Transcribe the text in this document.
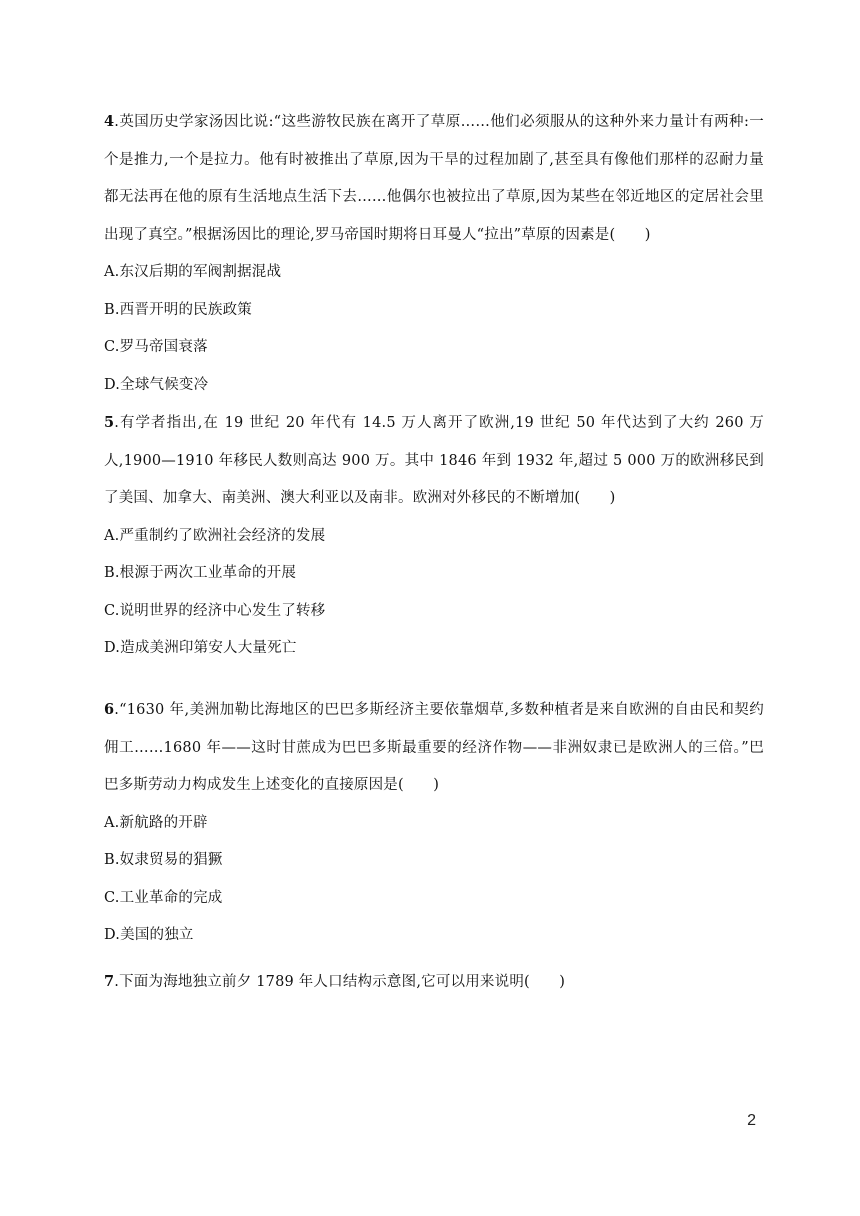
4.英国历史学家汤因比说:“这些游牧民族在离开了草原……他们必须服从的这种外来力量计有两种:一个是推力,一个是拉力。他有时被推出了草原,因为干旱的过程加剧了,甚至具有像他们那样的忍耐力量都无法再在他的原有生活地点生活下去……他偶尔也被拉出了草原,因为某些在邻近地区的定居社会里出现了真空。”根据汤因比的理论,罗马帝国时期将日耳曼人“拉出”草原的因素是(　　)

A.东汉后期的军阀割据混战
B.西晋开明的民族政策
C.罗马帝国衰落
D.全球气候变冷

5.有学者指出,在 19 世纪 20 年代有 14.5 万人离开了欧洲,19 世纪 50 年代达到了大约 260 万人,1900—1910 年移民人数则高达 900 万。其中 1846 年到 1932 年,超过 5 000 万的欧洲移民到了美国、加拿大、南美洲、澳大利亚以及南非。欧洲对外移民的不断增加(　　)

A.严重制约了欧洲社会经济的发展
B.根源于两次工业革命的开展
C.说明世界的经济中心发生了转移
D.造成美洲印第安人大量死亡

6.“1630 年,美洲加勒比海地区的巴巴多斯经济主要依靠烟草,多数种植者是来自欧洲的自由民和契约佣工……1680 年——这时甘蔗成为巴巴多斯最重要的经济作物——非洲奴隶已是欧洲人的三倍。”巴巴多斯劳动力构成发生上述变化的直接原因是(　　)

A.新航路的开辟
B.奴隶贸易的猖獗
C.工业革命的完成
D.美国的独立

7.下面为海地独立前夕 1789 年人口结构示意图,它可以用来说明(　　)

2
